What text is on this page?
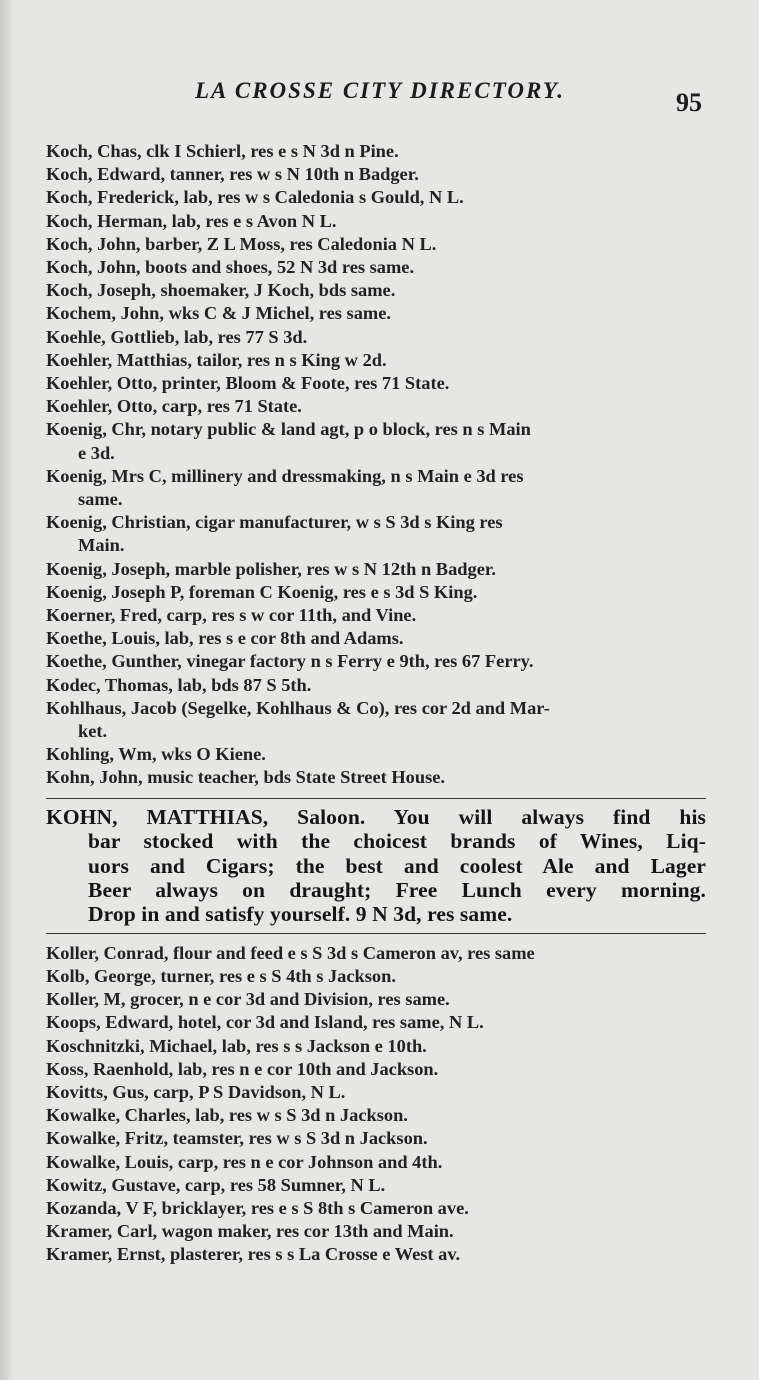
LA CROSSE CITY DIRECTORY.	95
Koch, Chas, clk I Schierl, res e s N 3d n Pine.
Koch, Edward, tanner, res w s N 10th n Badger.
Koch, Frederick, lab, res w s Caledonia s Gould, N L.
Koch, Herman, lab, res e s Avon N L.
Koch, John, barber, Z L Moss, res Caledonia N L.
Koch, John, boots and shoes, 52 N 3d res same.
Koch, Joseph, shoemaker, J Koch, bds same.
Kochem, John, wks C & J Michel, res same.
Koehle, Gottlieb, lab, res 77 S 3d.
Koehler, Matthias, tailor, res n s King w 2d.
Koehler, Otto, printer, Bloom & Foote, res 71 State.
Koehler, Otto, carp, res 71 State.
Koenig, Chr, notary public & land agt, p o block, res n s Main
e 3d.
Koenig, Mrs C, millinery and dressmaking, n s Main e 3d res
same.
Koenig, Christian, cigar manufacturer, w s S 3d s King res
Main.
Koenig, Joseph, marble polisher, res w s N 12th n Badger.
Koenig, Joseph P, foreman C Koenig, res e s 3d S King.
Koerner, Fred, carp, res s w cor 11th, and Vine.
Koethe, Louis, lab, res s e cor 8th and Adams.
Koethe, Gunther, vinegar factory n s Ferry e 9th, res 67 Ferry.
Kodec, Thomas, lab, bds 87 S 5th.
Kohlhaus, Jacob (Segelke, Kohlhaus & Co), res cor 2d and Mar-
ket.
Kohling, Wm, wks O Kiene.
Kohn, John, music teacher, bds State Street House.
KOHN, MATTHIAS, Saloon. You will always find his
bar stocked with the choicest brands of Wines, Liq-
uors and Cigars; the best and coolest Ale and Lager
Beer always on draught; Free Lunch every morning.
Drop in and satisfy yourself. 9 N 3d, res same.
Koller, Conrad, flour and feed e s S 3d s Cameron av, res same
Kolb, George, turner, res e s S 4th s Jackson.
Koller, M, grocer, n e cor 3d and Division, res same.
Koops, Edward, hotel, cor 3d and Island, res same, N L.
Koschnitzki, Michael, lab, res s s Jackson e 10th.
Koss, Raenhold, lab, res n e cor 10th and Jackson.
Kovitts, Gus, carp, P S Davidson, N L.
Kowalke, Charles, lab, res w s S 3d n Jackson.
Kowalke, Fritz, teamster, res w s S 3d n Jackson.
Kowalke, Louis, carp, res n e cor Johnson and 4th.
Kowitz, Gustave, carp, res 58 Sumner, N L.
Kozanda, V F, bricklayer, res e s S 8th s Cameron ave.
Kramer, Carl, wagon maker, res cor 13th and Main.
Kramer, Ernst, plasterer, res s s La Crosse e West av.
